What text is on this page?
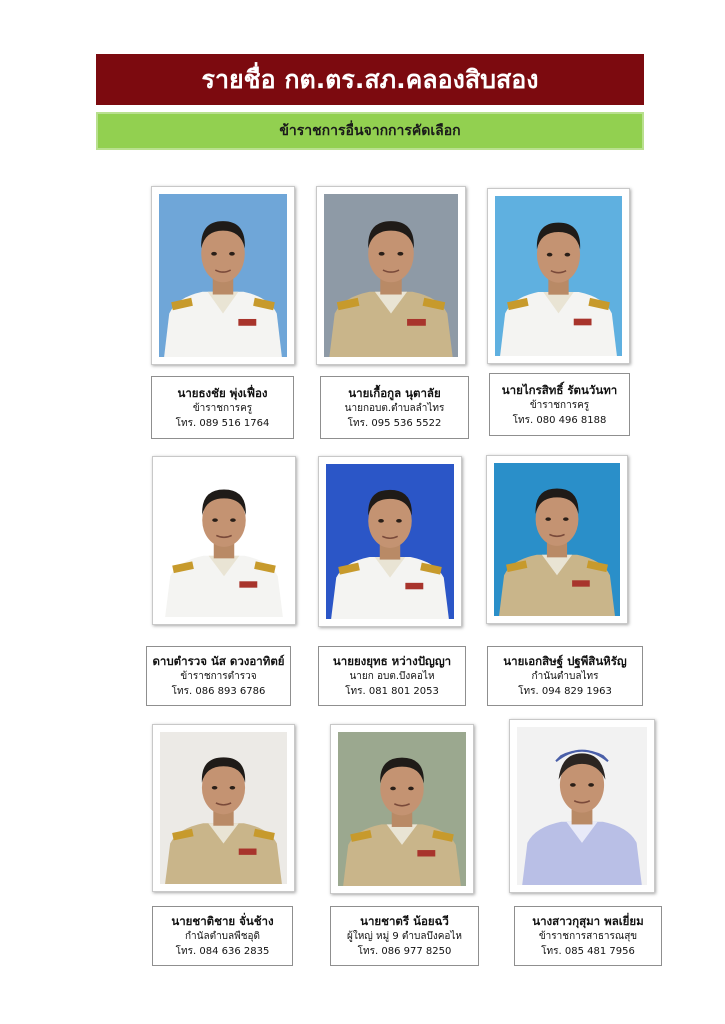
รายชื่อ กต.ตร.สภ.คลองสิบสอง
ข้าราชการอื่นจากการคัดเลือก
นายธงชัย พุ่งเฟื่อง
ข้าราชการครู
โทร. 089 516 1764
นายเกื้อกูล นุตาลัย
นายกอบต.ตำบลลำไทร
โทร. 095 536 5522
นายไกรสิทธิ์ รัตนวันทา
ข้าราชการครู
โทร. 080 496 8188
ดาบตำรวจ นัส ดวงอาทิตย์
ข้าราชการตำรวจ
โทร. 086 893 6786
นายยงยุทธ หว่างปัญญา
นายก อบต.บึงคอไห
โทร. 081 801 2053
นายเอกสิษฐ์ ปฐพีสินหิรัญ
กำนันตำบลไทร
โทร. 094 829 1963
นายชาติชาย จั่นช้าง
กำนัลตำบลพืชอุดิ
โทร. 084 636 2835
นายชาตรี น้อยฉวี
ผู้ใหญ่ หมู่ 9 ตำบลบึงคอไห
โทร. 086 977 8250
นางสาวกุสุมา พลเยี่ยม
ข้าราชการสาธารณสุข
โทร. 085 481 7956
